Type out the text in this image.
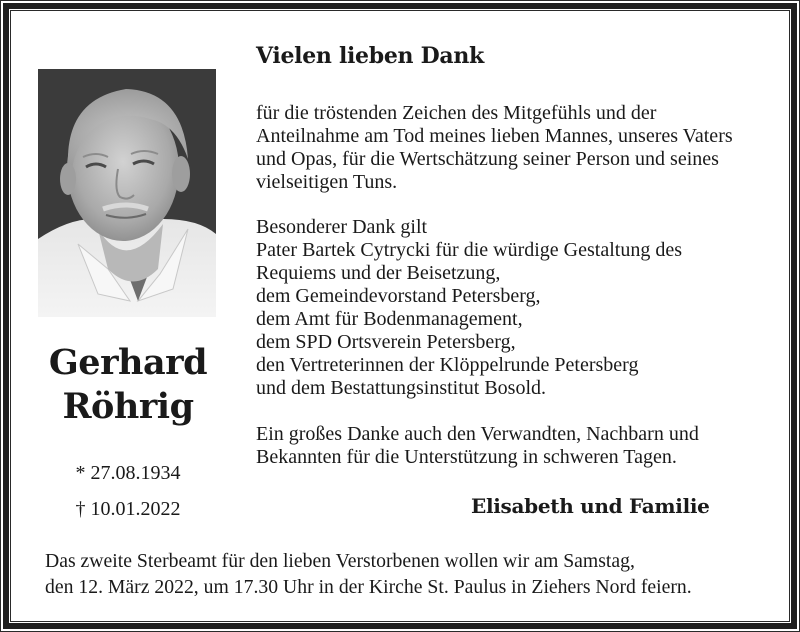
Gerhard
Röhrig
* 27.08.1934
† 10.01.2022
Vielen lieben Dank
für die tröstenden Zeichen des Mitgefühls und der
Anteilnahme am Tod meines lieben Mannes, unseres Vaters
und Opas, für die Wertschätzung seiner Person und seines
vielseitigen Tuns.
Besonderer Dank gilt
Pater Bartek Cytrycki für die würdige Gestaltung des
Requiems und der Beisetzung,
dem Gemeindevorstand Petersberg,
dem Amt für Bodenmanagement,
dem SPD Ortsverein Petersberg,
den Vertreterinnen der Klöppelrunde Petersberg
und dem Bestattungsinstitut Bosold.
Ein großes Danke auch den Verwandten, Nachbarn und
Bekannten für die Unterstützung in schweren Tagen.
Elisabeth und Familie
Das zweite Sterbeamt für den lieben Verstorbenen wollen wir am Samstag,
den 12. März 2022, um 17.30 Uhr in der Kirche St. Paulus in Ziehers Nord feiern.
